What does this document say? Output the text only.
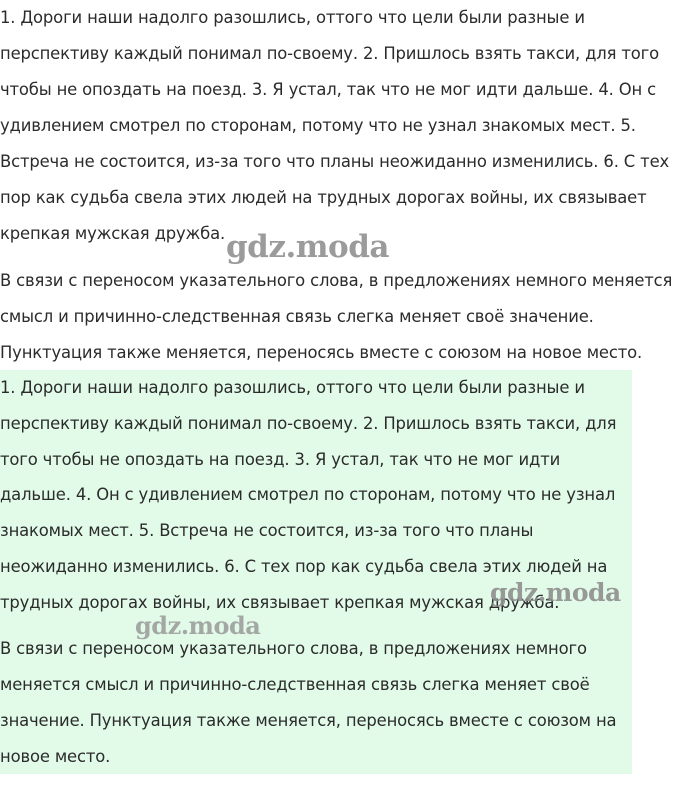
1. Дороги наши надолго разошлись, оттого что цели были разные и перспективу каждый понимал по-своему. 2. Пришлось взять такси, для того чтобы не опоздать на поезд. 3. Я устал, так что не мог идти дальше. 4. Он с удивлением смотрел по сторонам, потому что не узнал знакомых мест. 5. Встреча не состоится, из-за того что планы неожиданно изменились. 6. С тех пор как судьба свела этих людей на трудных дорогах войны, их связывает крепкая мужская дружба.

В связи с переносом указательного слова, в предложениях немного меняется смысл и причинно-следственная связь слегка меняет своё значение. Пунктуация также меняется, переносясь вместе с союзом на новое место.

1. Дороги наши надолго разошлись, оттого что цели были разные и перспективу каждый понимал по-своему. 2. Пришлось взять такси, для того чтобы не опоздать на поезд. 3. Я устал, так что не мог идти дальше. 4. Он с удивлением смотрел по сторонам, потому что не узнал знакомых мест. 5. Встреча не состоится, из-за того что планы неожиданно изменились. 6. С тех пор как судьба свела этих людей на трудных дорогах войны, их связывает крепкая мужская дружба.

В связи с переносом указательного слова, в предложениях немного меняется смысл и причинно-следственная связь слегка меняет своё значение. Пунктуация также меняется, переносясь вместе с союзом на новое место.

gdz.moda
gdz.moda
gdz.moda
